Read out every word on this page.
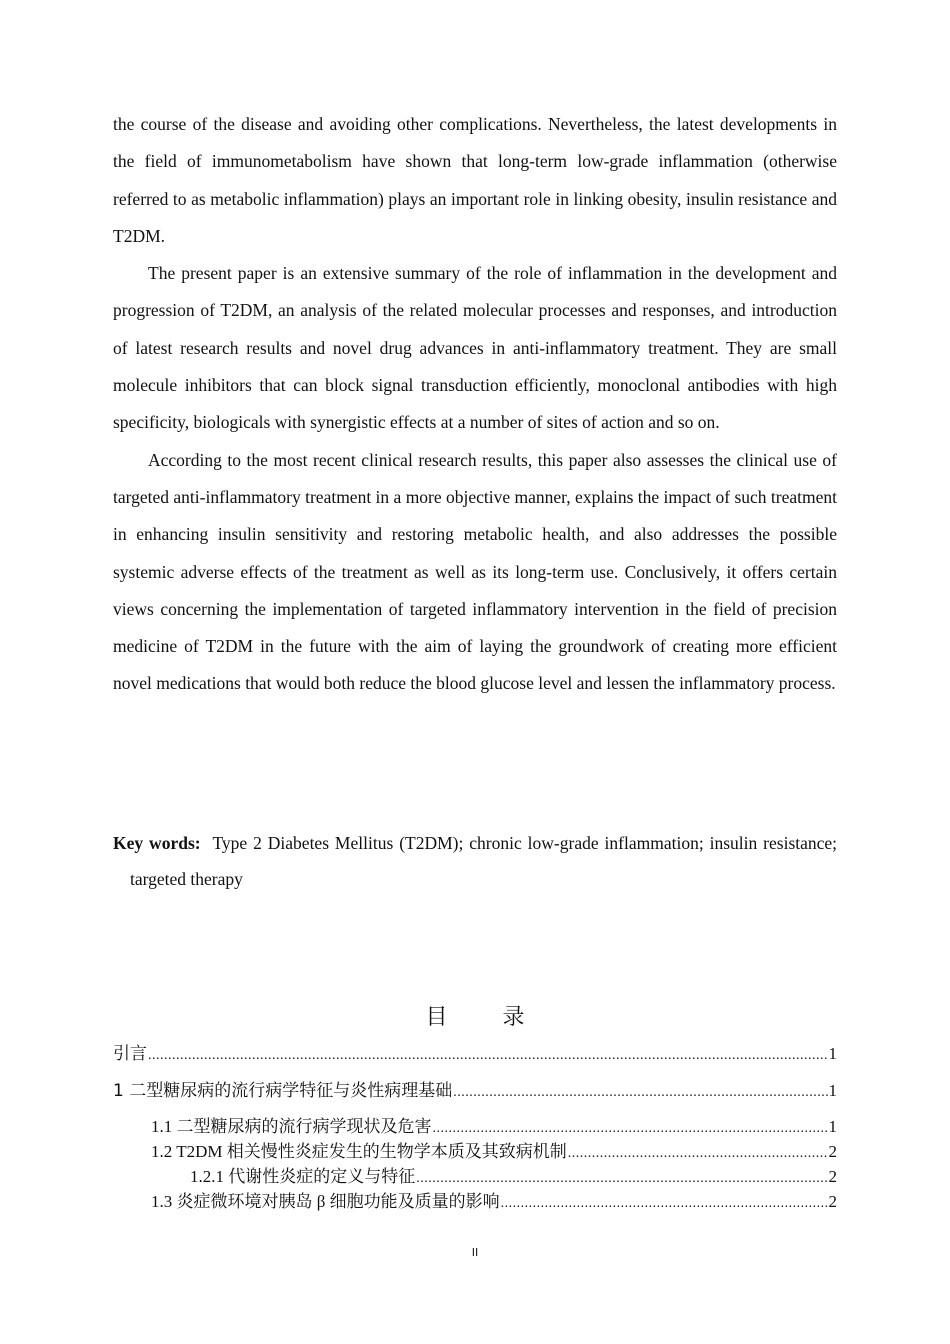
the course of the disease and avoiding other complications. Nevertheless, the latest developments in the field of immunometabolism have shown that long-term low-grade inflammation (otherwise referred to as metabolic inflammation) plays an important role in linking obesity, insulin resistance and T2DM.

The present paper is an extensive summary of the role of inflammation in the development and progression of T2DM, an analysis of the related molecular processes and responses, and introduction of latest research results and novel drug advances in anti-inflammatory treatment. They are small molecule inhibitors that can block signal transduction efficiently, monoclonal antibodies with high specificity, biologicals with synergistic effects at a number of sites of action and so on.

According to the most recent clinical research results, this paper also assesses the clinical use of targeted anti-inflammatory treatment in a more objective manner, explains the impact of such treatment in enhancing insulin sensitivity and restoring metabolic health, and also addresses the possible systemic adverse effects of the treatment as well as its long-term use. Conclusively, it offers certain views concerning the implementation of targeted inflammatory intervention in the field of precision medicine of T2DM in the future with the aim of laying the groundwork of creating more efficient novel medications that would both reduce the blood glucose level and lessen the inflammatory process.

Key words: Type 2 Diabetes Mellitus (T2DM); chronic low-grade inflammation; insulin resistance; targeted therapy
目 录
引言 .....	1
1 二型糖尿病的流行病学特征与炎性病理基础 .....	1
1.1 二型糖尿病的流行病学现状及危害 .....	1
1.2 T2DM 相关慢性炎症发生的生物学本质及其致病机制 .....	2
1.2.1 代谢性炎症的定义与特征 .....	2
1.3 炎症微环境对胰岛 β 细胞功能及质量的影响 .....	2
II
